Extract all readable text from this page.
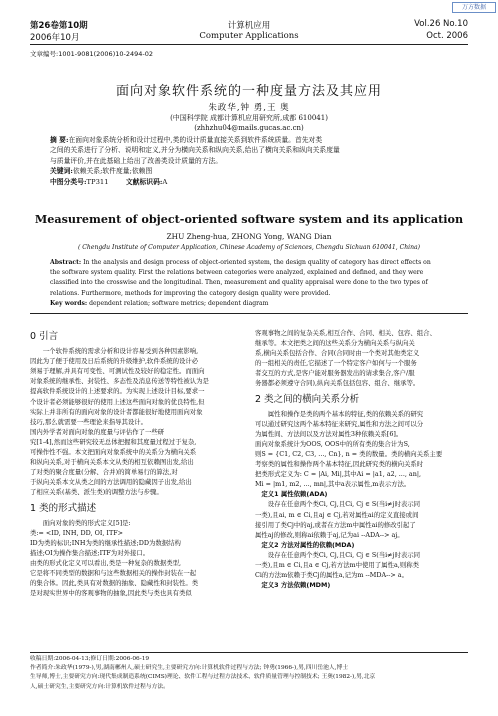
万方数据
第26卷第10期	计算机应用	Vol.26 No.10
2006年10月	Computer Applications	Oct. 2006
文章编号:1001-9081(2006)10-2494-02
面向对象软件系统的一种度量方法及其应用
朱政华,钟 勇,王 奥
(中国科学院 成都计算机应用研究所,成都 610041)
(zhhzhu04@mails.gucas.ac.cn)
摘 要:在面向对象系统分析和设计过程中,类的设计质量直接关系到软件系统质量。首先对类
之间的关系进行了分析、说明和定义,并分为横向关系和纵向关系,给出了横向关系和纵向关系度量
与质量评价,并在此基础上给出了改善类设计质量的方法。
关键词:依赖关系;软件度量;依赖图
中图分类号:TP311	文献标识码:A
Measurement of object-oriented software system and its application
ZHU Zheng-hua, ZHONG Yong, WANG Dian
( Chengdu Institute of Computer Application, Chinese Academy of Sciences, Chengdu Sichuan 610041, China)
Abstract: In the analysis and design process of object-oriented system, the design quality of category has direct effects on
the software system quality. First the relations between categories were analyzed, explained and defined, and they were
classified into the crosswise and the longitudinal. Then, measurement and quality appraisal were done to the two types of
relations. Furthermore, methods for improving the category design quality were provided.
Key words: dependent relation; software metrics; dependent diagram
0 引言
一个软件系统的需求分析和设计容易受到各种因素影响,
因此为了便于使用及日后系统的升级维护,软件系统的设计必
须易于理解,并具有可变性、可测试性及较好的稳定性。而面向
对象系统的继承性、封装性、多态性及消息传送等特性被认为是
提高软件系统设计的上述要求的。为实现上述设计目标,要求一
个设计者必须能够很好的使用上述这些面向对象的优良特性,但
实际上并非所有的面向对象的设计者都能很好地使用面向对象
技巧,那么就需要一些理论来指导其设计。
国内外学者对面向对象的度量与评估作了一些研
究[1-4],然而这些研究较无总体把握和其度量过程过于复杂,
可操作性不强。本文把面向对象系统中的关系分为横向关系
和纵向关系,对于横向关系本文从类的相互依赖图出发,给出
了对类的聚合度量(分解、合并)的简单易行的算法,对
于纵向关系本文从类之间的方法调用的隐藏因子出发,给出
了相应关系(基类、派生类)的调整方法与步骤。
1 类的形式描述
面向对象的类的形式定义[5]是:
类:= <ID, INH, DD, OI, ITF>
ID为类的标识;INH为类的继承性描述;DD为数据结构
描述;OI为操作集合描述;ITF为对外接口。
由类的形式化定义可以看出,类是一种复杂的数据类型,
它是将不同类型的数据和与这些数据相关的操作封装在一起
的集合体。因此,类具有对数据的抽象、隐藏性和封装性。类
是对现实世界中的客观事物的抽象,因此类与类也具有类似
客观事物之间的复杂关系,相互合作、合同、相关、包容、组合、
继承等。本文把类之间的这些关系分为横向关系与纵向关
系,横向关系包括合作、合同(合同时由一个类对其他类定义
的一组相关的责任,它描述了一个特定客户如何与一个服务
者交互的方式,是客户能对服务器发出的请求集合,客户/服
务器都必须遵守合同),纵向关系包括包容、组合、继承等。
2 类之间的横向关系分析
属性和操作是类的两个基本的特征,类的依赖关系的研究
可以通过研究这两个基本特征来研究,属性和方法之间可以分
为属性间、方法间以及方法对属性3种依赖关系[6]。
面向对象系统计为OOS, OOS中的所有类的集合计为S,
则S = {C1, C2, C3, ..., Cn}, n = 类的数量。类的横向关系主要
考察类的属性和操作两个基本特征,因此研究类的横向关系时
把类形式定义为: C = |Ai, Mi|,其中Ai = |a1, a2, ..., an|,
Mi = |m1, m2, ..., mn|,其中a表示属性,m表示方法。
定义1 属性依赖(ADA)
设存在任意两个类Ci, Cj,且Ci, Cj ∈ S(当i≠j时表示同
一类),且ai, m ∈ Ci,且aj ∈ Cj,若对属性ai的定义直接或间
接引用了类Cj中的aj,或者在方法m中属性ai的修改引起了
属性aj的修改,则称ai依赖于aj,记为ai --ADA--> aj。
定义2 方法对属性的依赖(MDA)
设存在任意两个类Ci, Cj,且Ci, Cj ∈ S(当i≠j时表示同
一类),且m ∈ Ci,且a ∈ Cj,若方法m中使用了属性a,则称类
Ci的方法m依赖于类Cj的属性a,记为m --MDA--> a。
定义3 方法依赖(MDM)
收稿日期:2006-04-13;修订日期:2006-06-19
作者简介:朱政华(1979-),男,湖南郴州人,硕士研究生,主要研究方向:计算机软件过程与方法; 钟勇(1966-),男,四川岳池人,博士
生导师,博士,主要研究方向:现代集成制造系统(CIMS)理论、软件工程与过程方法技术、软件质量管理与控制技术; 王奥(1982-),男,北京
人,硕士研究生,主要研究方向:计算机软件过程与方法。
